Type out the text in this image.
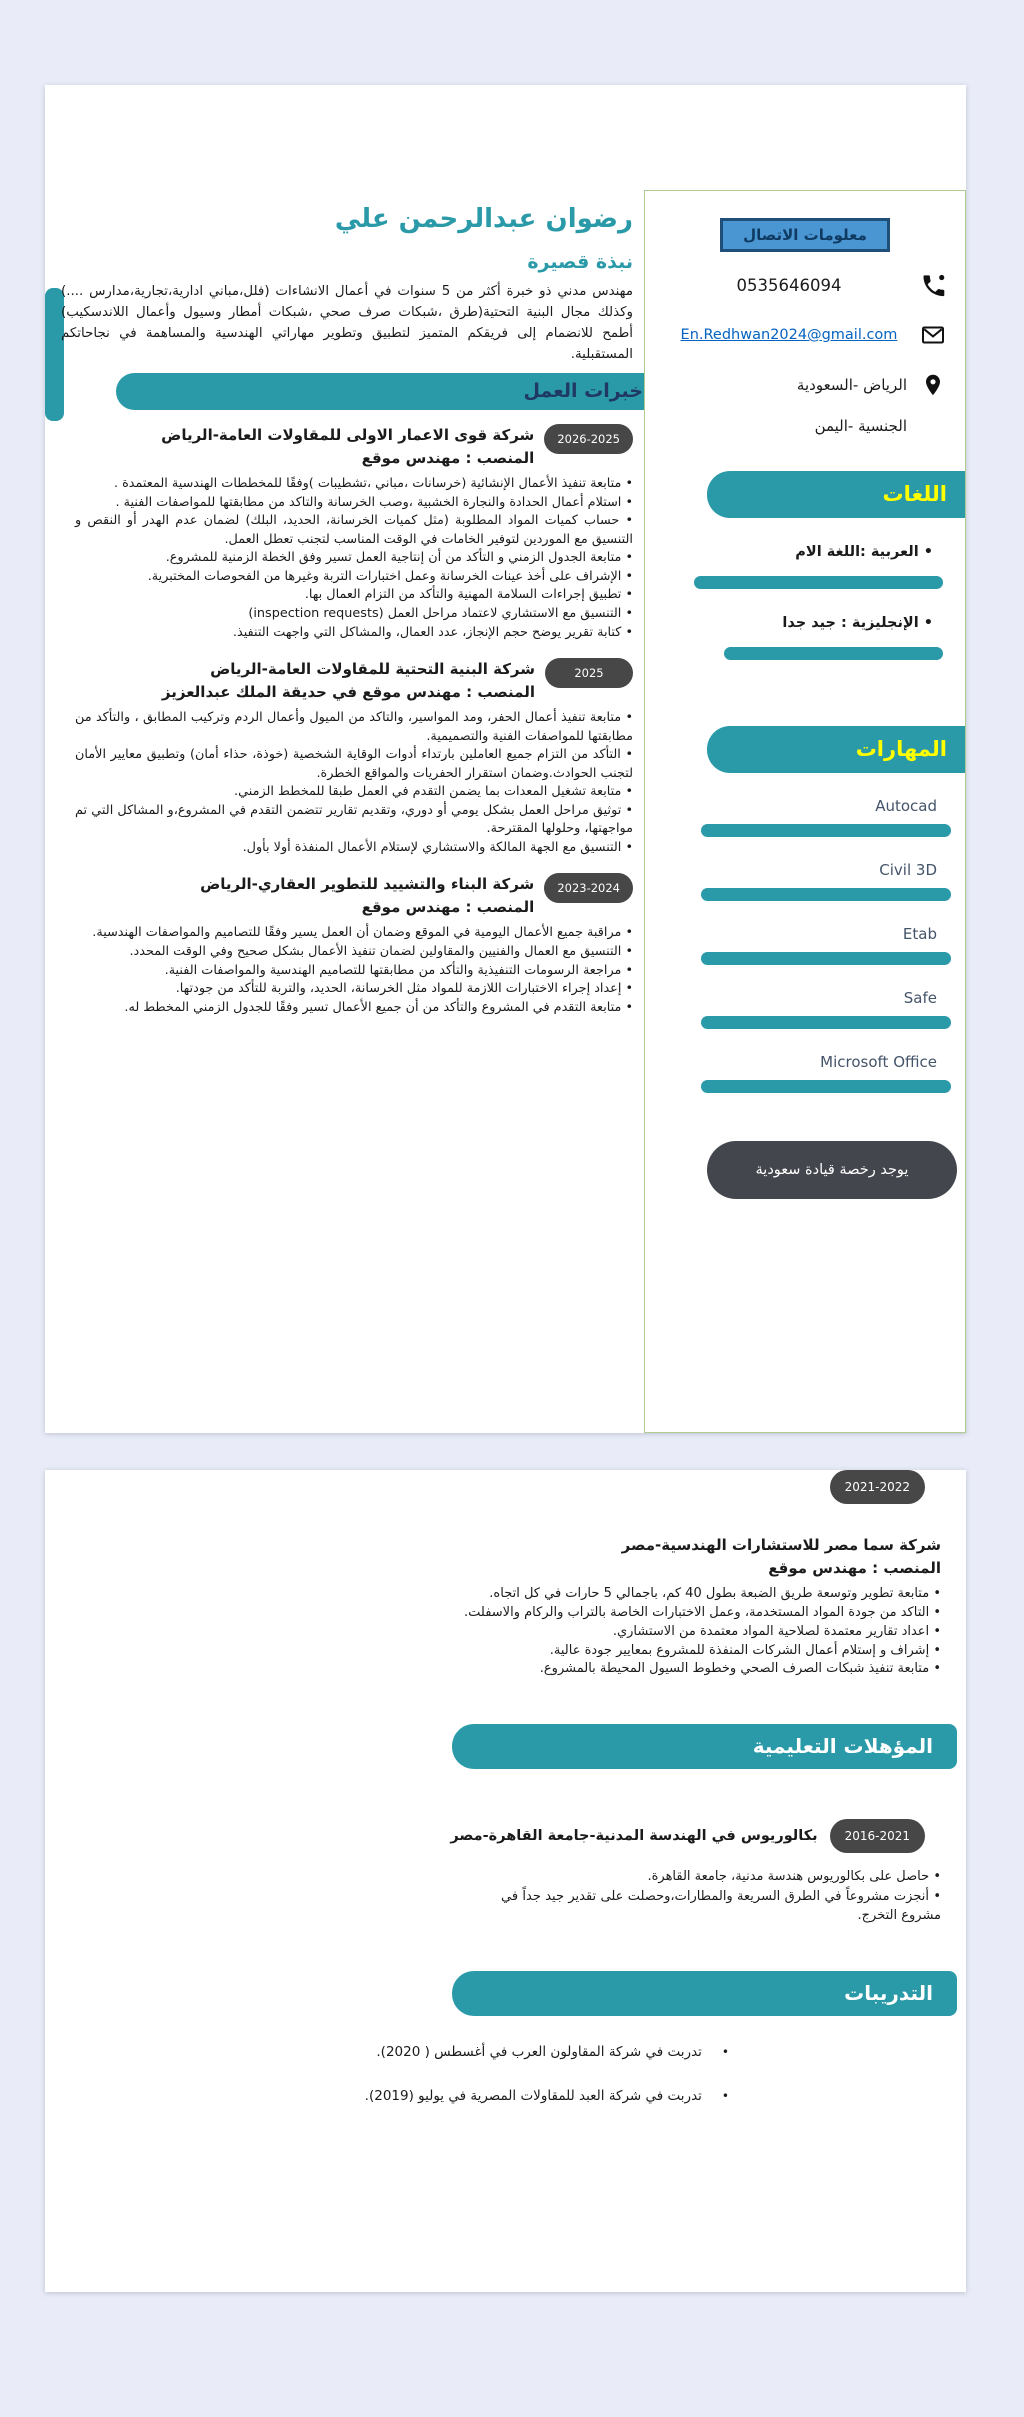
رضوان عبدالرحمن علي
نبذة قصيرة

مهندس مدني ذو خبرة أكثر من 5 سنوات في أعمال الانشاءات (فلل،مباني ادارية،تجارية،مدارس ....) وكذلك مجال البنية التحتية(طرق ،شبكات صرف صحي ،شبكات أمطار وسيول وأعمال اللاندسكيب) أطمح للانضمام إلى فريقكم المتميز لتطبيق وتطوير مهاراتي الهندسية والمساهمة في نجاحاتكم المستقبلية.

خبرات العمل
2026-2025
شركة قوى الاعمار الاولى للمقاولات العامة-الرياض
المنصب : مهندس موقع
• متابعة تنفيذ الأعمال الإنشائية (خرسانات ،مباني ،تشطيبات )وفقًا للمخططات الهندسية المعتمدة .
• استلام أعمال الحدادة والنجارة الخشبية ،وصب الخرسانة والتاكد من مطابقتها للمواصفات الفنية .
• حساب كميات المواد المطلوبة (مثل كميات الخرسانة، الحديد، البلك) لضمان عدم الهدر أو النقص و التنسيق مع الموردين لتوفير الخامات في الوقت المناسب لتجنب تعطل العمل.
• متابعة الجدول الزمني و التأكد من أن إنتاجية العمل تسير وفق الخطة الزمنية للمشروع.
• الإشراف على أخذ عينات الخرسانة وعمل اختبارات التربة وغيرها من الفحوصات المختبرية.
• تطبيق إجراءات السلامة المهنية والتأكد من التزام العمال بها.
• التنسيق مع الاستشاري لاعتماد مراحل العمل (inspection requests)
• كتابة تقرير يوضح حجم الإنجاز، عدد العمال، والمشاكل التي واجهت التنفيذ.
2025
شركة البنية التحتية للمقاولات العامة-الرياض
المنصب : مهندس موقع في حديقة الملك عبدالعزيز
• متابعة تنفيذ أعمال الحفر، ومد المواسير، والتاكد من الميول وأعمال الردم وتركيب المطابق ، والتأكد من مطابقتها للمواصفات الفنية والتصميمية.
• التأكد من التزام جميع العاملين بارتداء أدوات الوقاية الشخصية (خوذة، حذاء أمان) وتطبيق معايير الأمان لتجنب الحوادث.وضمان استقرار الحفريات والمواقع الخطرة.
• متابعة تشغيل المعدات بما يضمن التقدم في العمل طبقا للمخطط الزمني.
• توثيق مراحل العمل بشكل يومي أو دوري، وتقديم تقارير تتضمن التقدم في المشروع،و المشاكل التي تم مواجهتها، وحلولها المقترحة.
• التنسيق مع الجهة المالكة والاستشاري لإستلام الأعمال المنفذة أولا بأول.
2023-2024
شركة البناء والتشييد للتطوير العقاري-الرياض
المنصب : مهندس موقع
• مراقبة جميع الأعمال اليومية في الموقع وضمان أن العمل يسير وفقًا للتصاميم والمواصفات الهندسية.
• التنسيق مع العمال والفنيين والمقاولين لضمان تنفيذ الأعمال بشكل صحيح وفي الوقت المحدد.
• مراجعة الرسومات التنفيذية والتأكد من مطابقتها للتصاميم الهندسية والمواصفات الفنية.
• إعداد إجراء الاختبارات اللازمة للمواد مثل الخرسانة، الحديد، والتربة للتأكد من جودتها.
• متابعة التقدم في المشروع والتأكد من أن جميع الأعمال تسير وفقًا للجدول الزمني المخطط له.
معلومات الاتصال
0535646094
En.Redhwan2024@gmail.com
الرياض -السعودية
الجنسية -اليمن
اللغات
• العربية :اللغة الام
• الإنجليزية : جيد جدا
المهارات
Autocad
Civil 3D
Etab
Safe
Microsoft Office
يوجد رخصة قيادة سعودية
2021-2022
شركة سما مصر للاستشارات الهندسية-مصر
المنصب : مهندس موقع
• متابعة تطوير وتوسعة طريق الضبعة بطول 40 كم، باجمالي 5 حارات في كل اتجاه.
• التاكد من جودة المواد المستخدمة، وعمل الاختبارات الخاصة بالتراب والركام والاسفلت.
• اعداد تقارير معتمدة لصلاحية المواد معتمدة من الاستشاري.
• إشراف و إستلام أعمال الشركات المنفذة للمشروع بمعايير جودة عالية.
• متابعة تنفيذ شبكات الصرف الصحي وخطوط السيول المحيطة بالمشروع.
المؤهلات التعليمية
2016-2021
بكالوريوس في الهندسة المدنية-جامعة القاهرة-مصر
• حاصل على بكالوريوس هندسة مدنية، جامعة القاهرة.
• أنجزت مشروعاً في الطرق السريعة والمطارات،وحصلت على تقدير جيد جداً في مشروع التخرج.
التدريبات
• تدربت في شركة المقاولون العرب في أغسطس ( 2020).
• تدربت في شركة العبد للمقاولات المصرية في يوليو (2019).
